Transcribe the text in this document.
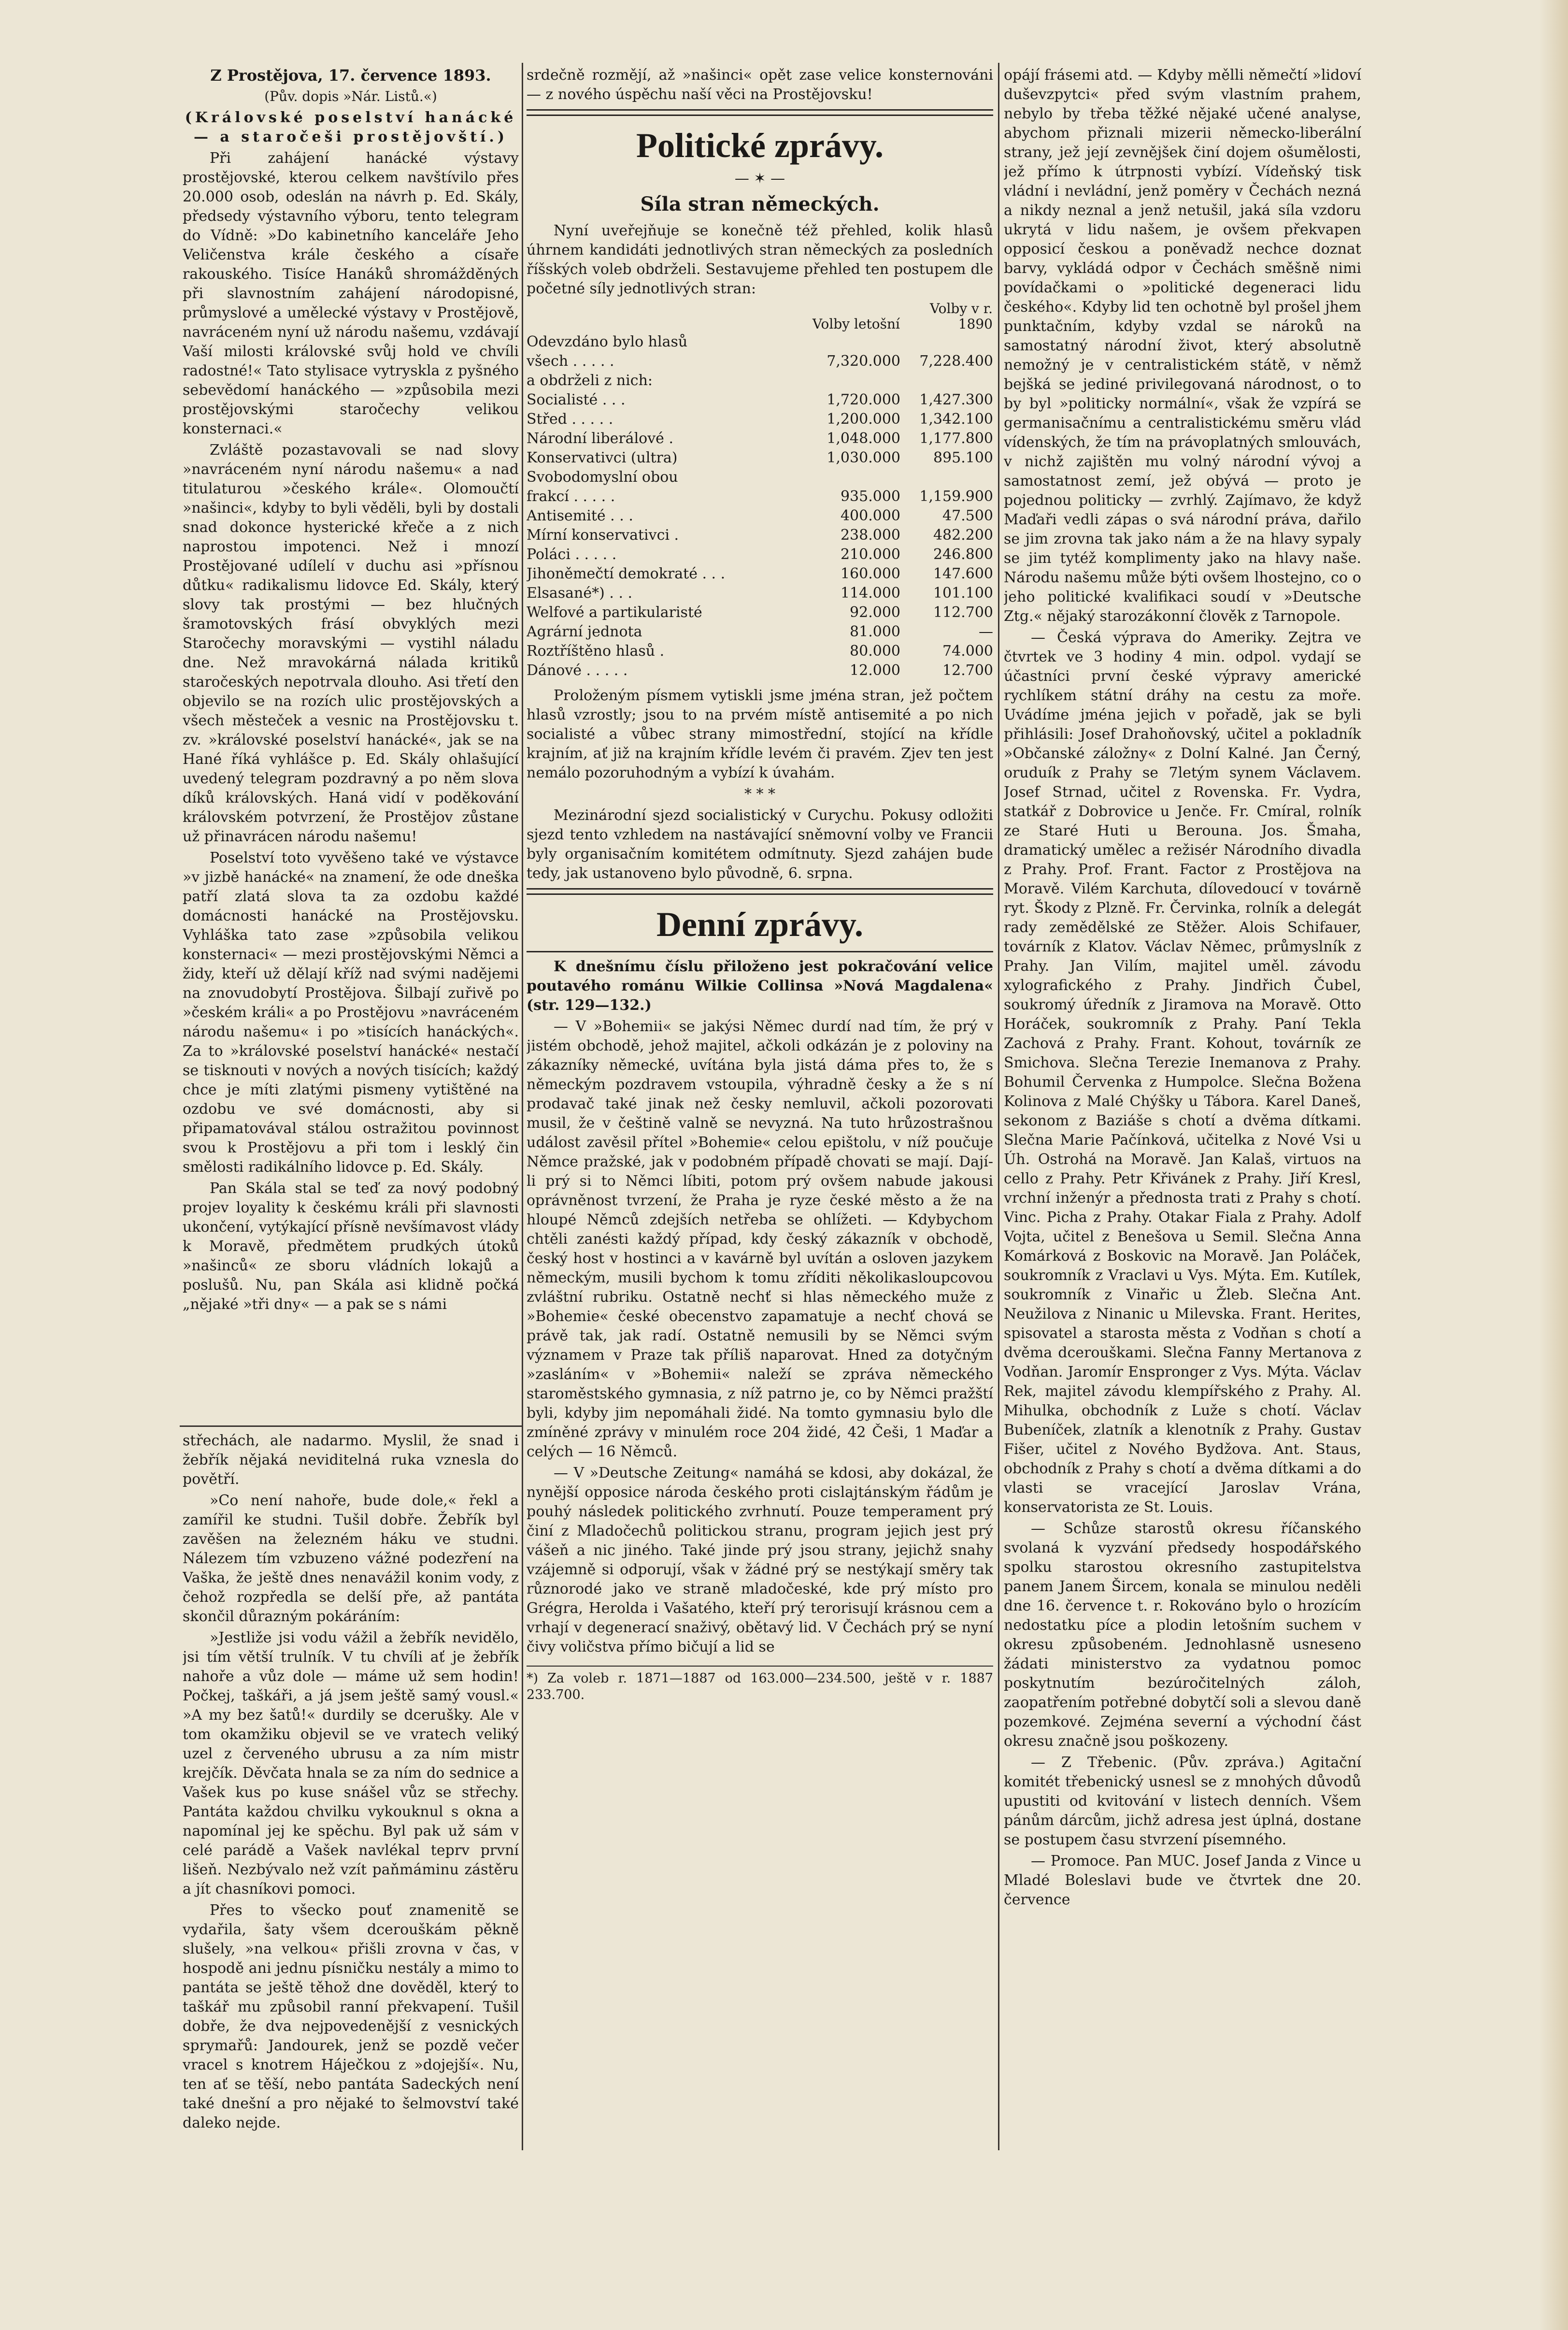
Z Prostějova, 17. července 1893.

(Pův. dopis »Nár. Listů.«)

(Královské poselství hanácké — a staročeši prostějovští.)

Při zahájení hanácké výstavy prostějovské, kterou celkem navštívilo přes 20.000 osob, odeslán na návrh p. Ed. Skály, předsedy výstavního výboru, tento telegram do Vídně: »Do kabinetního kanceláře Jeho Veličenstva krále českého a císaře rakouského. Tisíce Hanáků shromážděných při slavnostním zahájení národopisné, průmyslové a umělecké výstavy v Prostějově, navráceném nyní už národu našemu, vzdávají Vaší milosti královské svůj hold ve chvíli radostné!« Tato stylisace vytryskla z pyšného sebevědomí hanáckého — »způsobila mezi prostějovskými staročechy velikou konsternaci.«

Zvláště pozastavovali se nad slovy »navráceném nyní národu našemu« a nad titulaturou »českého krále«. Olomoučtí »našinci«, kdyby to byli věděli, byli by dostali snad dokonce hysterické křeče a z nich naprostou impotenci. Než i mnozí Prostějované udílelí v duchu asi »přísnou důtku« radikalismu lidovce Ed. Skály, který slovy tak prostými — bez hlučných šramotovských frásí obvyklých mezi Staročechy moravskými — vystihl náladu dne. Než mravokárná nálada kritiků staročeských nepotrvala dlouho. Asi třetí den objevilo se na rozích ulic prostějovských a všech městeček a vesnic na Prostějovsku t. zv. »královské poselství hanácké«, jak se na Hané říká vyhlášce p. Ed. Skály ohlašující uvedený telegram pozdravný a po něm slova díků královských. Haná vidí v poděkování královském potvrzení, že Prostějov zůstane už přinavrácen národu našemu!

Poselství toto vyvěšeno také ve výstavce »v jizbě hanácké« na znamení, že ode dneška patří zlatá slova ta za ozdobu každé domácnosti hanácké na Prostějovsku. Vyhláška tato zase »způsobila velikou konsternaci« — mezi prostějovskými Němci a židy, kteří už dělají kříž nad svými nadějemi na znovudobytí Prostějova. Šilbají zuřivě po »českém králi« a po Prostějovu »navráceném národu našemu« i po »tisících hanáckých«. Za to »královské poselství hanácké« nestačí se tisknouti v nových a nových tisících; každý chce je míti zlatými pismeny vytištěné na ozdobu ve své domácnosti, aby si připamatovával stálou ostražitou povinnost svou k Prostějovu a při tom i lesklý čin smělosti radikálního lidovce p. Ed. Skály.

Pan Skála stal se teď za nový podobný projev loyality k českému králi při slavnosti ukončení, vytýkající přísně nevšímavost vlády k Moravě, předmětem prudkých útoků »našinců« ze sboru vládních lokajů a poslušů. Nu, pan Skála asi klidně počká „nějaké »tři dny« — a pak se s námi

srdečně rozmějí, až »našinci« opět zase velice konsternováni — z nového úspěchu naší věci na Prostějovsku!

Politické zprávy.
— ✶ —
Síla stran německých.

Nyní uveřejňuje se konečně též přehled, kolik hlasů úhrnem kandidáti jednotlivých stran německých za posledních říšských voleb obdrželi. Sestavujeme přehled ten postupem dle početné síly jednotlivých stran:

	Volby letošní	Volby v r. 1890
Odevzdáno bylo hlasů		
všech . . . . .	7,320.000	7,228.400
a obdrželi z nich:		
Socialisté . . .	1,720.000	1,427.300
Střed . . . . .	1,200.000	1,342.100
Národní liberálové .	1,048.000	1,177.800
Konservativci (ultra)	1,030.000	895.100
Svobodomyslní obou		
frakcí . . . . .	935.000	1,159.900
Antisemité . . .	400.000	47.500
Mírní konservativci .	238.000	482.200
Poláci . . . . .	210.000	246.800
Jihoněmečtí demokraté . . .	160.000	147.600
Elsasané*) . . .	114.000	101.100
Welfové a partikularisté	92.000	112.700
Agrární jednota	81.000	—
Roztříštěno hlasů .	80.000	74.000
Dánové . . . . .	12.000	12.700

Proloženým písmem vytiskli jsme jména stran, jež počtem hlasů vzrostly; jsou to na prvém místě antisemité a po nich socialisté a vůbec strany mimostřední, stojící na křídle krajním, ať již na krajním křídle levém či pravém. Zjev ten jest nemálo pozoruhodným a vybízí k úvahám.

* * *

Mezinárodní sjezd socialistický v Curychu. Pokusy odložiti sjezd tento vzhledem na nastávající sněmovní volby ve Francii byly organisačním komitétem odmítnuty. Sjezd zahájen bude tedy, jak ustanoveno bylo původně, 6. srpna.

Denní zprávy.

K dnešnímu číslu přiloženo jest pokračování velice poutavého románu Wilkie Collinsa »Nová Magdalena« (str. 129—132.)

— V »Bohemii« se jakýsi Němec durdí nad tím, že prý v jistém obchodě, jehož majitel, ačkoli odkázán je z poloviny na zákazníky německé, uvítána byla jistá dáma přes to, že s německým pozdravem vstoupila, výhradně česky a že s ní prodavač také jinak než česky nemluvil, ačkoli pozorovati musil, že v češtině valně se nevyzná. Na tuto hrůzostrašnou událost zavěsil přítel »Bohemie« celou epištolu, v níž poučuje Němce pražské, jak v podobném případě chovati se mají. Dají-li prý si to Němci líbiti, potom prý ovšem nabude jakousi oprávněnost tvrzení, že Praha je ryze české město a že na hloupé Němců zdejších netřeba se ohlížeti. — Kdybychom chtěli zanésti každý případ, kdy český zákazník v obchodě, český host v hostinci a v kavárně byl uvítán a osloven jazykem německým, musili bychom k tomu zříditi několikasloupcovou zvláštní rubriku. Ostatně nechť si hlas německého muže z »Bohemie« české obecenstvo zapamatuje a nechť chová se právě tak, jak radí. Ostatně nemusili by se Němci svým významem v Praze tak příliš naparovat. Hned za dotyčným »zasláním« v »Bohemii« naleží se zpráva německého staroměstského gymnasia, z níž patrno je, co by Němci pražští byli, kdyby jim nepomáhali židé. Na tomto gymnasiu bylo dle zmíněné zprávy v minulém roce 204 židé, 42 Češi, 1 Maďar a celých — 16 Němců.

— V »Deutsche Zeitung« namáhá se kdosi, aby dokázal, že nynější opposice národa českého proti cislajtánským řádům je pouhý následek politického zvrhnutí. Pouze temperament prý činí z Mladočechů politickou stranu, program jejich jest prý vášeň a nic jiného. Také jinde prý jsou strany, jejichž snahy vzájemně si odporují, však v žádné prý se nestýkají směry tak různorodé jako ve straně mladočeské, kde prý místo pro Grégra, Herolda i Vašatého, kteří prý terorisují krásnou cem a vrhají v degenerací snaživý, obětavý lid. V Čechách prý se nyní čivy voličstva přímo bičují a lid se

*) Za voleb r. 1871—1887 od 163.000—234.500, ještě v r. 1887 233.700.

opájí frásemi atd. — Kdyby mělli němečtí »lidoví duševzpytci« před svým vlastním prahem, nebylo by třeba těžké nějaké učené analyse, abychom přiznali mizerii německo-liberální strany, jež její zevnějšek činí dojem ošumělosti, jež přímo k útrpnosti vybízí. Vídeňský tisk vládní i nevládní, jenž poměry v Čechách nezná a nikdy neznal a jenž netušil, jaká síla vzdoru ukrytá v lidu našem, je ovšem překvapen opposicí českou a poněvadž nechce doznat barvy, vykládá odpor v Čechách směšně nimi povídačkami o »politické degeneraci lidu českého«. Kdyby lid ten ochotně byl prošel jhem punktačním, kdyby vzdal se nároků na samostatný národní život, který absolutně nemožný je v centralistickém státě, v němž bejšká se jediné privilegovaná národnost, o to by byl »politicky normální«, však že vzpírá se germanisačnímu a centralistickému směru vlád vídenských, že tím na právoplatných smlouvách, v nichž zajištěn mu volný národní vývoj a samostatnost zemí, jež obývá — proto je pojednou politicky — zvrhlý. Zajímavo, že když Maďaři vedli zápas o svá národní práva, dařilo se jim zrovna tak jako nám a že na hlavy sypaly se jim tytéž komplimenty jako na hlavy naše. Národu našemu může býti ovšem lhostejno, co o jeho politické kvalifikaci soudí v »Deutsche Ztg.« nějaký starozákonní člověk z Tarnopole.

— Česká výprava do Ameriky. Zejtra ve čtvrtek ve 3 hodiny 4 min. odpol. vydají se účastníci první české výpravy americké rychlíkem státní dráhy na cestu za moře. Uvádíme jména jejich v pořadě, jak se byli přihlásili: Josef Drahoňovský, učitel a pokladník »Občanské záložny« z Dolní Kalné. Jan Černý, oruduík z Prahy se 7letým synem Václavem. Josef Strnad, učitel z Rovenska. Fr. Vydra, statkář z Dobrovice u Jenče. Fr. Cmíral, rolník ze Staré Huti u Berouna. Jos. Šmaha, dramatický umělec a režisér Národního divadla z Prahy. Prof. Frant. Factor z Prostějova na Moravě. Vilém Karchuta, dílovedoucí v továrně ryt. Škody z Plzně. Fr. Červinka, rolník a delegát rady zemědělské ze Stěžer. Alois Schifauer, továrník z Klatov. Václav Němec, průmyslník z Prahy. Jan Vilím, majitel uměl. závodu xylografického z Prahy. Jindřich Čubel, soukromý úředník z Jiramova na Moravě. Otto Horáček, soukromník z Prahy. Paní Tekla Zachová z Prahy. Frant. Kohout, továrník ze Smichova. Slečna Terezie Inemanova z Prahy. Bohumil Červenka z Humpolce. Slečna Božena Kolinova z Malé Chýšky u Tábora. Karel Daneš, sekonom z Baziáše s chotí a dvěma dítkami. Slečna Marie Pačínková, učitelka z Nové Vsi u Úh. Ostrohá na Moravě. Jan Kalaš, virtuos na cello z Prahy. Petr Křivánek z Prahy. Jiří Kresl, vrchní inženýr a přednosta trati z Prahy s chotí. Vinc. Picha z Prahy. Otakar Fiala z Prahy. Adolf Vojta, učitel z Benešova u Semil. Slečna Anna Komárková z Boskovic na Moravě. Jan Poláček, soukromník z Vraclavi u Vys. Mýta. Em. Kutílek, soukromník z Vinařic u Žleb. Slečna Ant. Neužilova z Ninanic u Milevska. Frant. Herites, spisovatel a starosta města z Vodňan s chotí a dvěma dcerouškami. Slečna Fanny Mertanova z Vodňan. Jaromír Enspronger z Vys. Mýta. Václav Rek, majitel závodu klempířského z Prahy. Al. Mihulka, obchodník z Luže s chotí. Václav Bubeníček, zlatník a klenotník z Prahy. Gustav Fišer, učitel z Nového Bydžova. Ant. Staus, obchodník z Prahy s chotí a dvěma dítkami a do vlasti se vracející Jaroslav Vrána, konservatorista ze St. Louis.

— Schůze starostů okresu říčanského svolaná k vyzvání předsedy hospodářského spolku starostou okresního zastupitelstva panem Janem Šircem, konala se minulou neděli dne 16. července t. r. Rokováno bylo o hrozícím nedostatku píce a plodin letošním suchem v okresu způsobeném. Jednohlasně usneseno žádati ministerstvo za vydatnou pomoc poskytnutím bezúročitelných záloh, zaopatřením potřebné dobytčí soli a slevou daně pozemkové. Zejména severní a východní část okresu značně jsou poškozeny.

— Z Třebenic. (Pův. zpráva.) Agitační komitét třebenický usnesl se z mnohých důvodů upustiti od kvitování v listech denních. Všem pánům dárcům, jichž adresa jest úplná, dostane se postupem času stvrzení písemného.

— Promoce. Pan MUC. Josef Janda z Vince u Mladé Boleslavi bude ve čtvrtek dne 20. července

střechách, ale nadarmo. Myslil, že snad i žebřík nějaká neviditelná ruka vznesla do povětří.

»Co není nahoře, bude dole,« řekl a zamířil ke studni. Tušil dobře. Žebřík byl zavěšen na železném háku ve studni. Nálezem tím vzbuzeno vážné podezření na Vaška, že ještě dnes nenavážil konim vody, z čehož rozpředla se delší pře, až pantáta skončil důrazným pokáráním:

»Jestliže jsi vodu vážil a žebřík nevidělo, jsi tím větší trulník. V tu chvíli ať je žebřík nahoře a vůz dole — máme už sem hodin! Počkej, taškáři, a já jsem ještě samý vousl.« »A my bez šatů!« durdily se dcerušky. Ale v tom okamžiku objevil se ve vratech veliký uzel z červeného ubrusu a za ním mistr krejčík. Děvčata hnala se za ním do sednice a Vašek kus po kuse snášel vůz se střechy. Pantáta každou chvilku vykouknul s okna a napomínal jej ke spěchu. Byl pak už sám v celé parádě a Vašek navlékal teprv první lišeň. Nezbývalo než vzít paňmáminu zástěru a jít chasníkovi pomoci.

Přes to všecko pouť znamenitě se vydařila, šaty všem dcerouškám pěkně slušely, »na velkou« přišli zrovna v čas, v hospodě ani jednu písničku nestály a mimo to pantáta se ještě těhož dne dověděl, který to taškář mu způsobil ranní překvapení. Tušil dobře, že dva nejpovedenější z vesnických sprymařů: Jandourek, jenž se pozdě večer vracel s knotrem Háječkou z »dojejší«. Nu, ten ať se těší, nebo pantáta Sadeckých není také dnešní a pro nějaké to šelmovství také daleko nejde.
